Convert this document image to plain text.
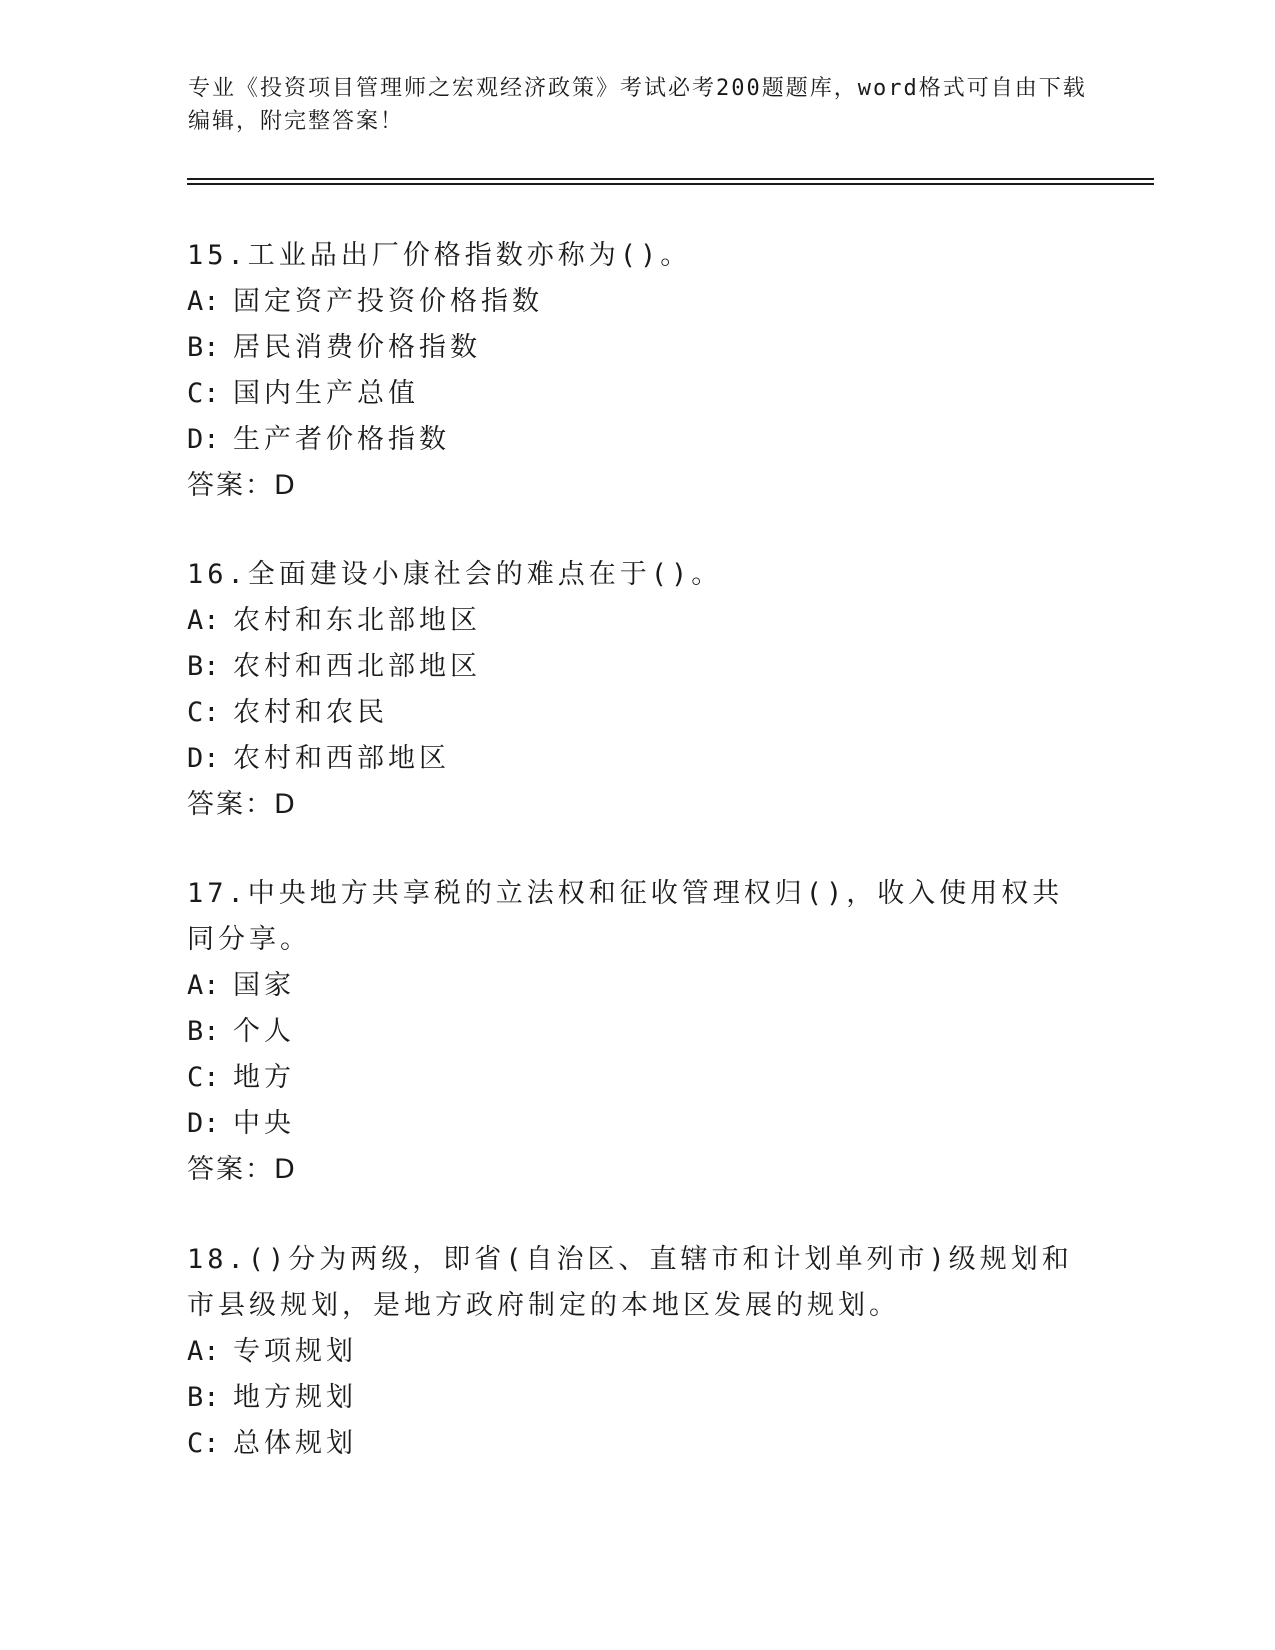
专业《投资项目管理师之宏观经济政策》考试必考200题题库，word格式可自由下载编辑，附完整答案！
15.工业品出厂价格指数亦称为()。
A: 固定资产投资价格指数
B: 居民消费价格指数
C: 国内生产总值
D: 生产者价格指数
答案：D
16.全面建设小康社会的难点在于()。
A: 农村和东北部地区
B: 农村和西北部地区
C: 农村和农民
D: 农村和西部地区
答案：D
17.中央地方共享税的立法权和征收管理权归()，收入使用权共同分享。
A: 国家
B: 个人
C: 地方
D: 中央
答案：D
18.()分为两级，即省(自治区、直辖市和计划单列市)级规划和市县级规划，是地方政府制定的本地区发展的规划。
A: 专项规划
B: 地方规划
C: 总体规划
